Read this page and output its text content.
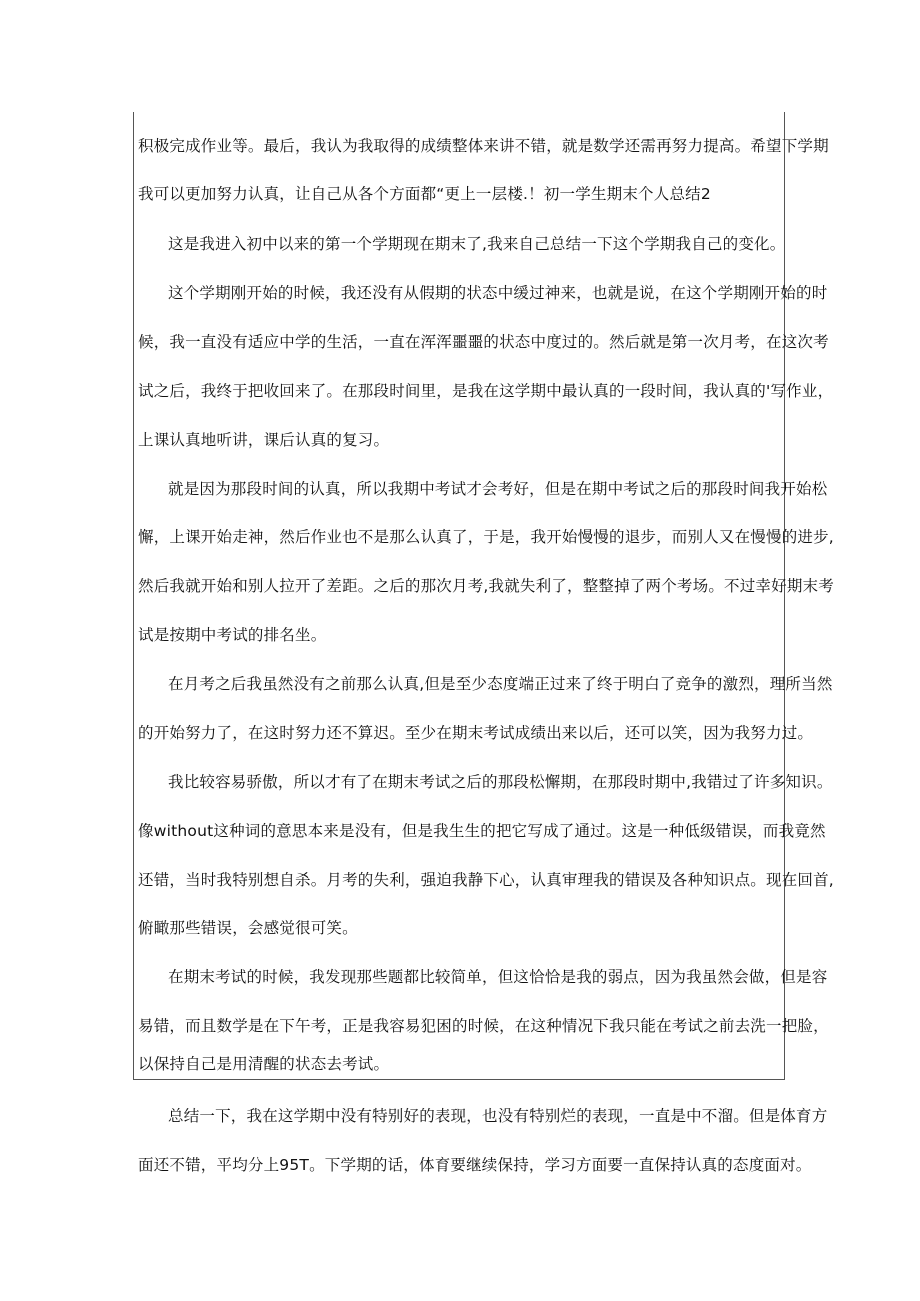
积极完成作业等。最后，我认为我取得的成绩整体来讲不错，就是数学还需再努力提高。希望下学期
我可以更加努力认真，让自己从各个方面都“更上一层楼.！初一学生期末个人总结2
这是我进入初中以来的第一个学期现在期末了,我来自己总结一下这个学期我自己的变化。
这个学期刚开始的时候，我还没有从假期的状态中缓过神来，也就是说，在这个学期刚开始的时
候，我一直没有适应中学的生活，一直在浑浑噩噩的状态中度过的。然后就是第一次月考，在这次考
试之后，我终于把收回来了。在那段时间里，是我在这学期中最认真的一段时间，我认真的'写作业，
上课认真地听讲，课后认真的复习。
就是因为那段时间的认真，所以我期中考试才会考好，但是在期中考试之后的那段时间我开始松
懈，上课开始走神，然后作业也不是那么认真了，于是，我开始慢慢的退步，而别人又在慢慢的进步,
然后我就开始和别人拉开了差距。之后的那次月考,我就失利了，整整掉了两个考场。不过幸好期末考
试是按期中考试的排名坐。
在月考之后我虽然没有之前那么认真,但是至少态度端正过来了终于明白了竞争的激烈，理所当然
的开始努力了，在这时努力还不算迟。至少在期末考试成绩出来以后，还可以笑，因为我努力过。
我比较容易骄傲，所以才有了在期末考试之后的那段松懈期，在那段时期中,我错过了许多知识。
像without这种词的意思本来是没有，但是我生生的把它写成了通过。这是一种低级错误，而我竟然
还错，当时我特别想自杀。月考的失利，强迫我静下心，认真审理我的错误及各种知识点。现在回首,
俯瞰那些错误，会感觉很可笑。
在期末考试的时候，我发现那些题都比较简单，但这恰恰是我的弱点，因为我虽然会做，但是容
易错，而且数学是在下午考，正是我容易犯困的时候，在这种情况下我只能在考试之前去洗一把脸，
以保持自己是用清醒的状态去考试。
总结一下，我在这学期中没有特别好的表现，也没有特别烂的表现，一直是中不溜。但是体育方
面还不错，平均分上95T。下学期的话，体育要继续保持，学习方面要一直保持认真的态度面对。
